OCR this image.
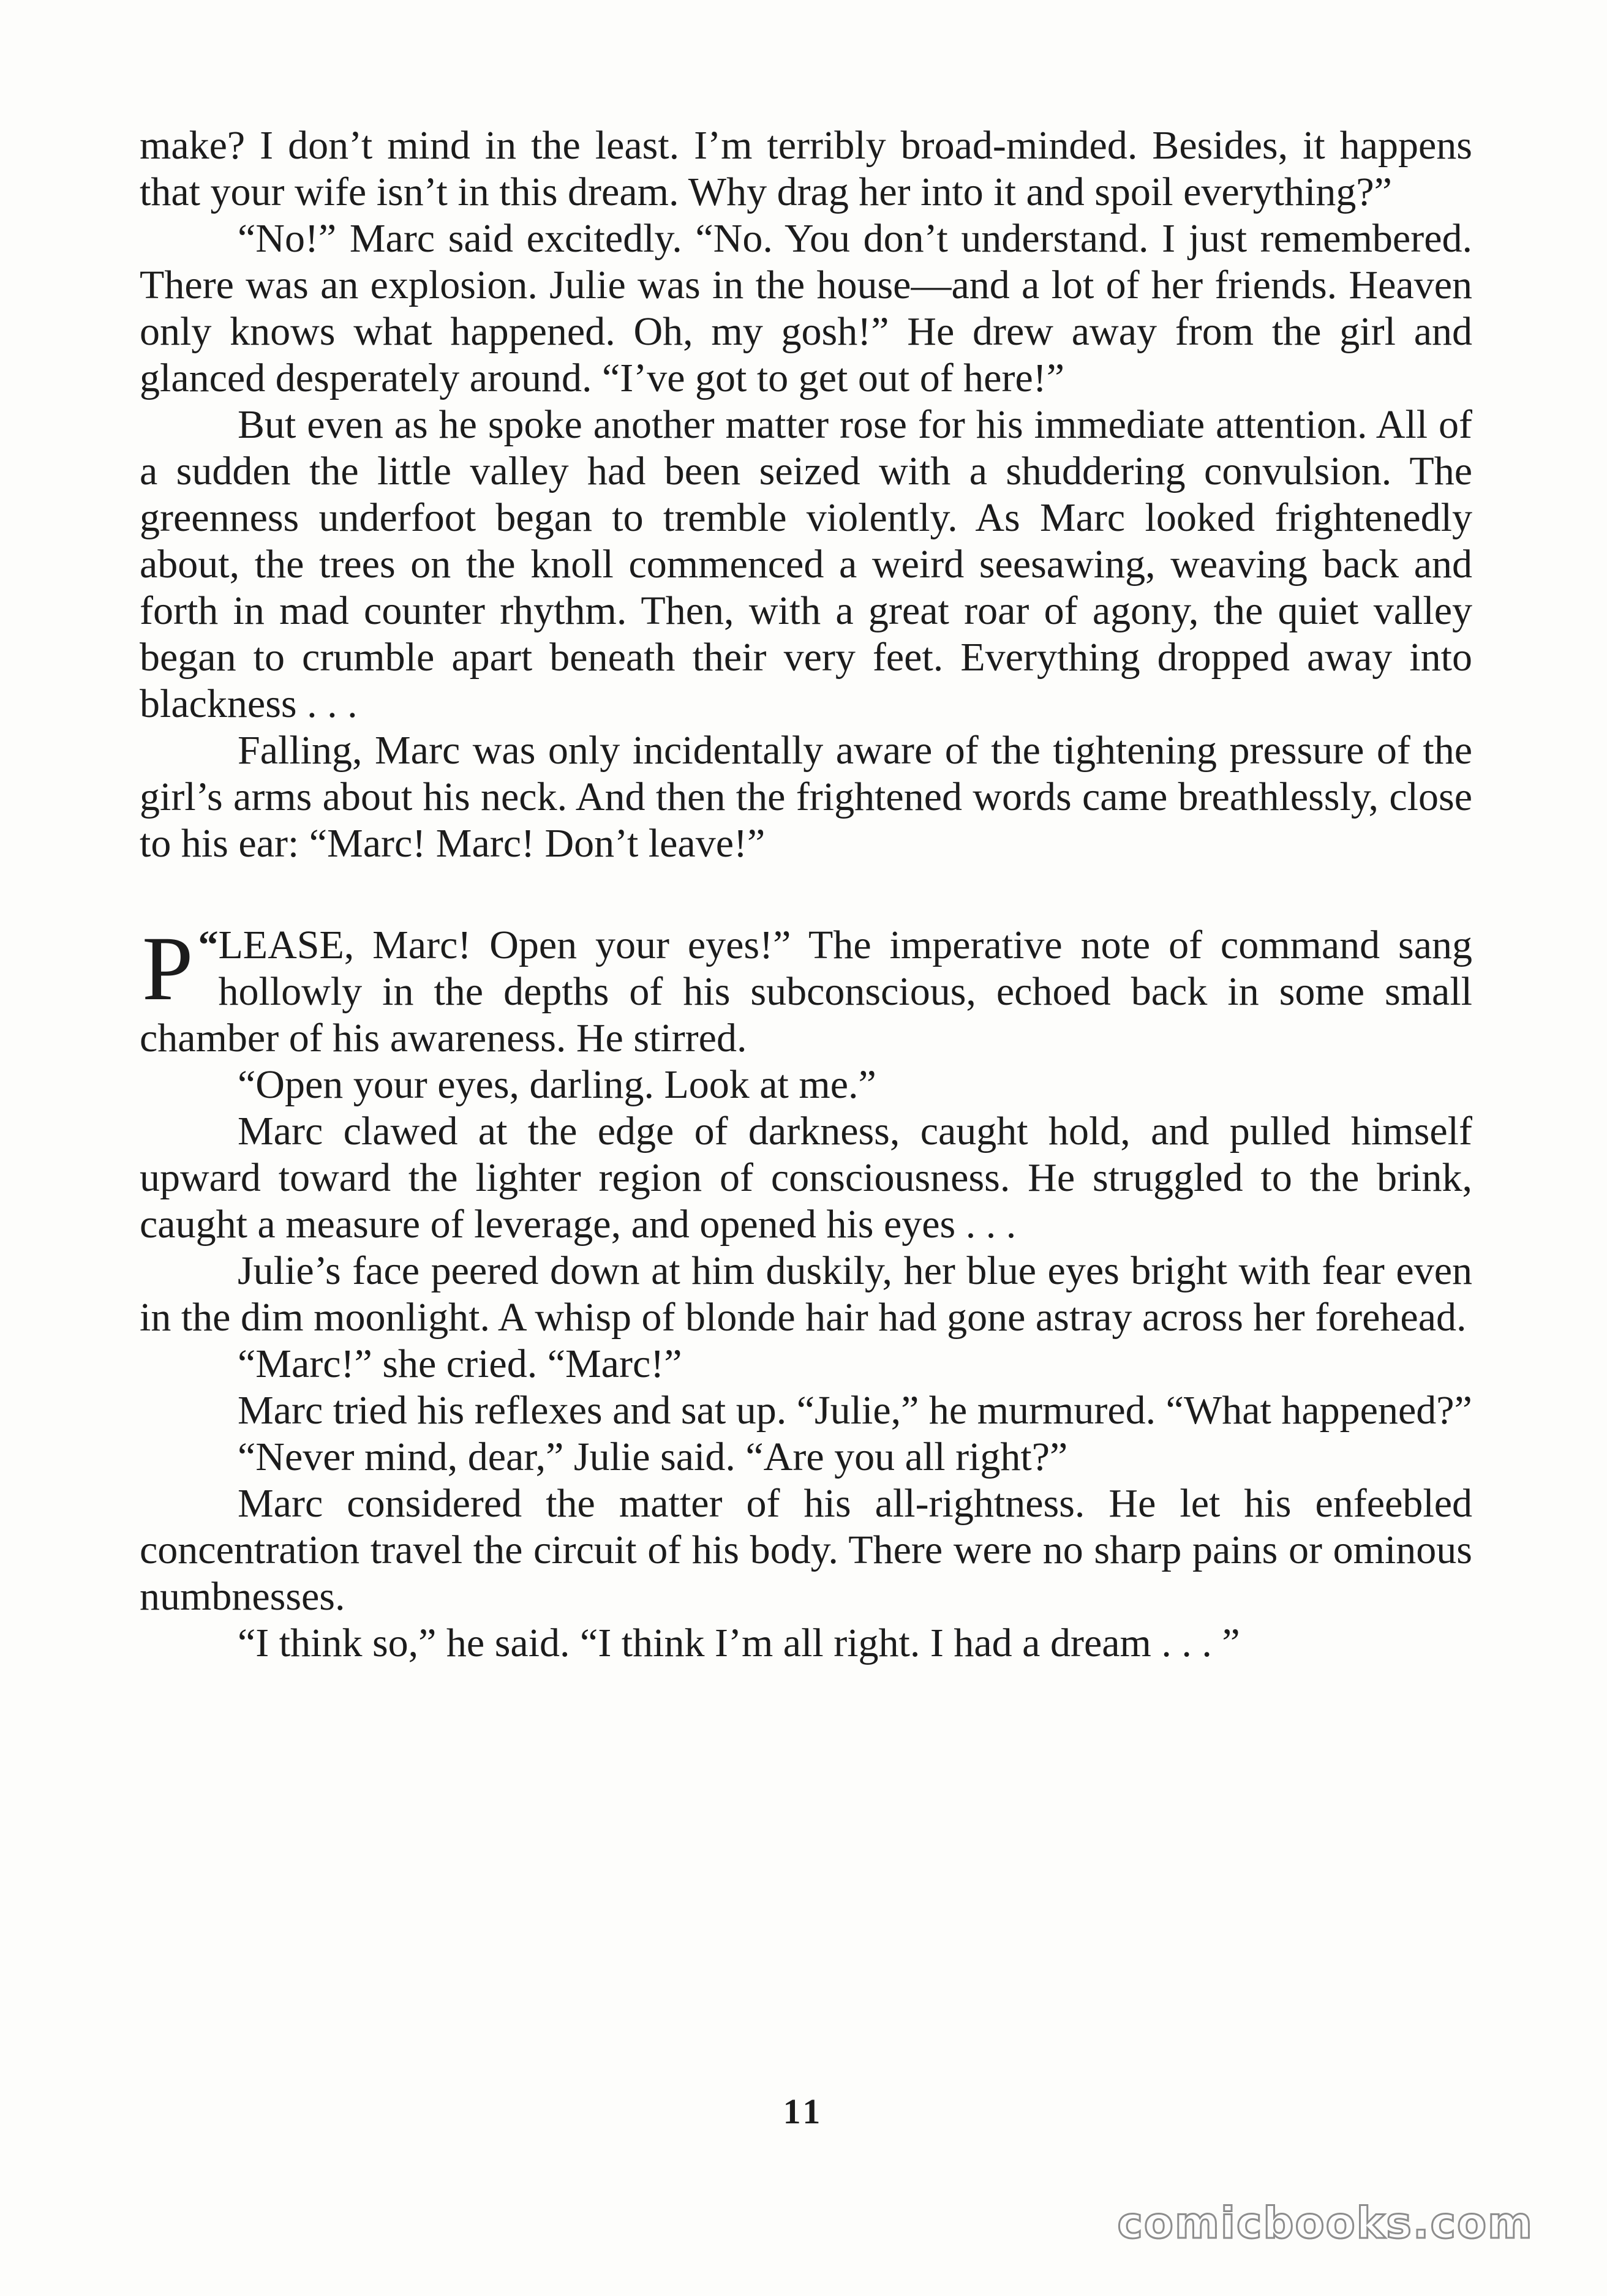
make? I don’t mind in the least. I’m terribly broad-minded. Besides, it happens that your wife isn’t in this dream. Why drag her into it and spoil everything?”

“No!” Marc said excitedly. “No. You don’t understand. I just remembered. There was an explosion. Julie was in the house—and a lot of her friends. Heaven only knows what happened. Oh, my gosh!” He drew away from the girl and glanced desperately around. “I’ve got to get out of here!”

But even as he spoke another matter rose for his immediate attention. All of a sudden the little valley had been seized with a shuddering convulsion. The greenness underfoot began to tremble violently. As Marc looked frightenedly about, the trees on the knoll commenced a weird seesawing, weaving back and forth in mad counter rhythm. Then, with a great roar of agony, the quiet valley began to crumble apart beneath their very feet. Everything dropped away into blackness . . .

Falling, Marc was only incidentally aware of the tightening pressure of the girl’s arms about his neck. And then the frightened words came breathlessly, close to his ear: “Marc! Marc! Don’t leave!”

“
P LEASE, Marc! Open your eyes!” The imperative note of command sang hollowly in the depths of his subconscious, echoed back in some small chamber of his awareness. He stirred.

“Open your eyes, darling. Look at me.”

Marc clawed at the edge of darkness, caught hold, and pulled himself upward toward the lighter region of consciousness. He struggled to the brink, caught a measure of leverage, and opened his eyes . . .

Julie’s face peered down at him duskily, her blue eyes bright with fear even in the dim moonlight. A whisp of blonde hair had gone astray across her forehead.

“Marc!” she cried. “Marc!”

Marc tried his reflexes and sat up. “Julie,” he murmured. “What happened?”

“Never mind, dear,” Julie said. “Are you all right?”

Marc considered the matter of his all-rightness. He let his enfeebled concentration travel the circuit of his body. There were no sharp pains or ominous numbnesses.

“I think so,” he said. “I think I’m all right. I had a dream . . . ”

11
comicbooks.com
